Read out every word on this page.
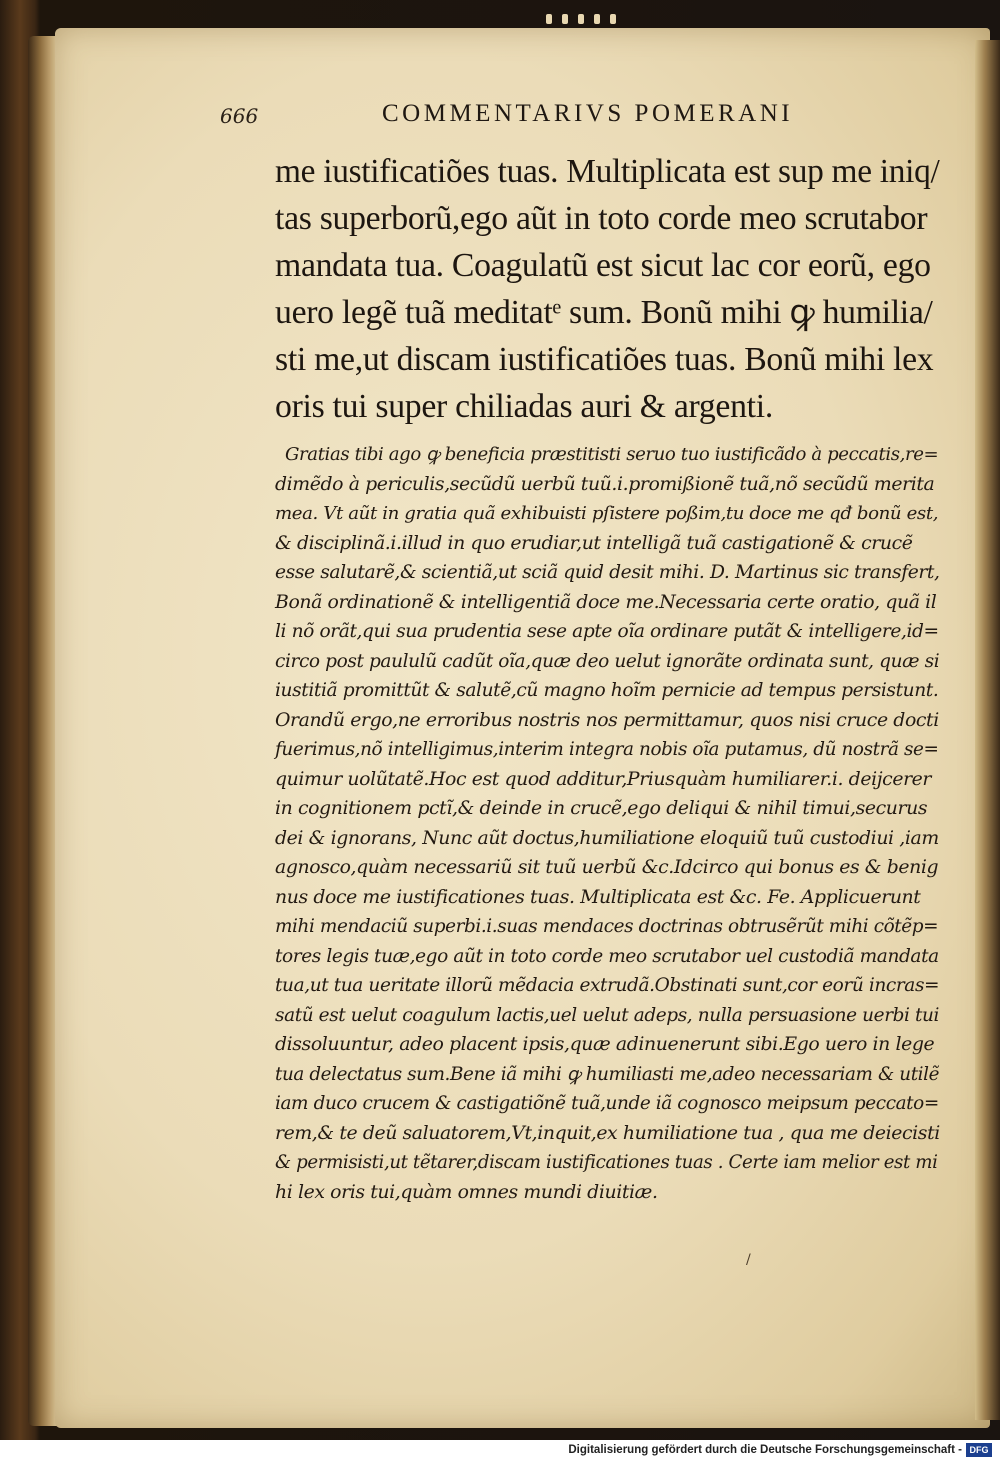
666	COMMENTARIVS POMERANI
me iustificatiões tuas. Multiplicata est sup me iniq/
tas superborũ,ego aũt in toto corde meo scrutabor
mandata tua. Coagulatũ est sicut lac cor eorũ, ego
uero legẽ tuã meditatᵉ sum. Bonũ mihi ꝙ humilia/
sti me,ut discam iustificatiões tuas. Bonũ mihi lex
oris tui super chiliadas auri & argenti.
Gratias tibi ago ꝙ beneficia præstitisti seruo tuo iustificãdo à peccatis,re=
dimẽdo à periculis,secũdũ uerbũ tuũ.i.promißionẽ tuã,nõ secũdũ merita
mea. Vt aũt in gratia quã exhibuisti pſistere poßim,tu doce me qđ bonũ est,
& disciplinã.i.illud in quo erudiar,ut intelligã tuã castigationẽ & crucẽ
esse salutarẽ,& scientiã,ut sciã quid desit mihi. D. Martinus sic transfert,
Bonã ordinationẽ & intelligentiã doce me.Necessaria certe oratio, quã il
li nõ orãt,qui sua prudentia sese apte oĩa ordinare putãt & intelligere,id=
circo post paululũ cadũt oĩa,quæ deo uelut ignorãte ordinata sunt, quæ si
iustitiã promittũt & salutẽ,cũ magno hoĩm pernicie ad tempus persistunt.
Orandũ ergo,ne erroribus nostris nos permittamur, quos nisi cruce docti
fuerimus,nõ intelligimus,interim integra nobis oĩa putamus, dũ nostrã se=
quimur uolũtatẽ.Hoc est quod additur,Priusquàm humiliarer.i. deijcerer
in cognitionem pctĩ,& deinde in crucẽ,ego deliqui & nihil timui,securus
dei & ignorans, Nunc aũt doctus,humiliatione eloquiũ tuũ custodiui ,iam
agnosco,quàm necessariũ sit tuũ uerbũ &c.Idcirco qui bonus es & benig
nus doce me iustificationes tuas. Multiplicata est &c. Fe. Applicuerunt
mihi mendaciũ superbi.i.suas mendaces doctrinas obtrusẽrũt mihi cõtẽp=
tores legis tuæ,ego aũt in toto corde meo scrutabor uel custodiã mandata
tua,ut tua ueritate illorũ mẽdacia extrudã.Obstinati sunt,cor eorũ incras=
satũ est uelut coagulum lactis,uel uelut adeps, nulla persuasione uerbi tui
dissoluuntur, adeo placent ipsis,quæ adinuenerunt sibi.Ego uero in lege
tua delectatus sum.Bene iã mihi ꝙ humiliasti me,adeo necessariam & utilẽ
iam duco crucem & castigatiõnẽ tuã,unde iã cognosco meipsum peccato=
rem,& te deũ saluatorem,Vt,inquit,ex humiliatione tua , qua me deiecisti
& permisisti,ut tẽtarer,discam iustificationes tuas . Certe iam melior est mi
hi lex oris tui,quàm omnes mundi diuitiæ.
/
Digitalisierung gefördert durch die Deutsche Forschungsgemeinschaft - DFG
